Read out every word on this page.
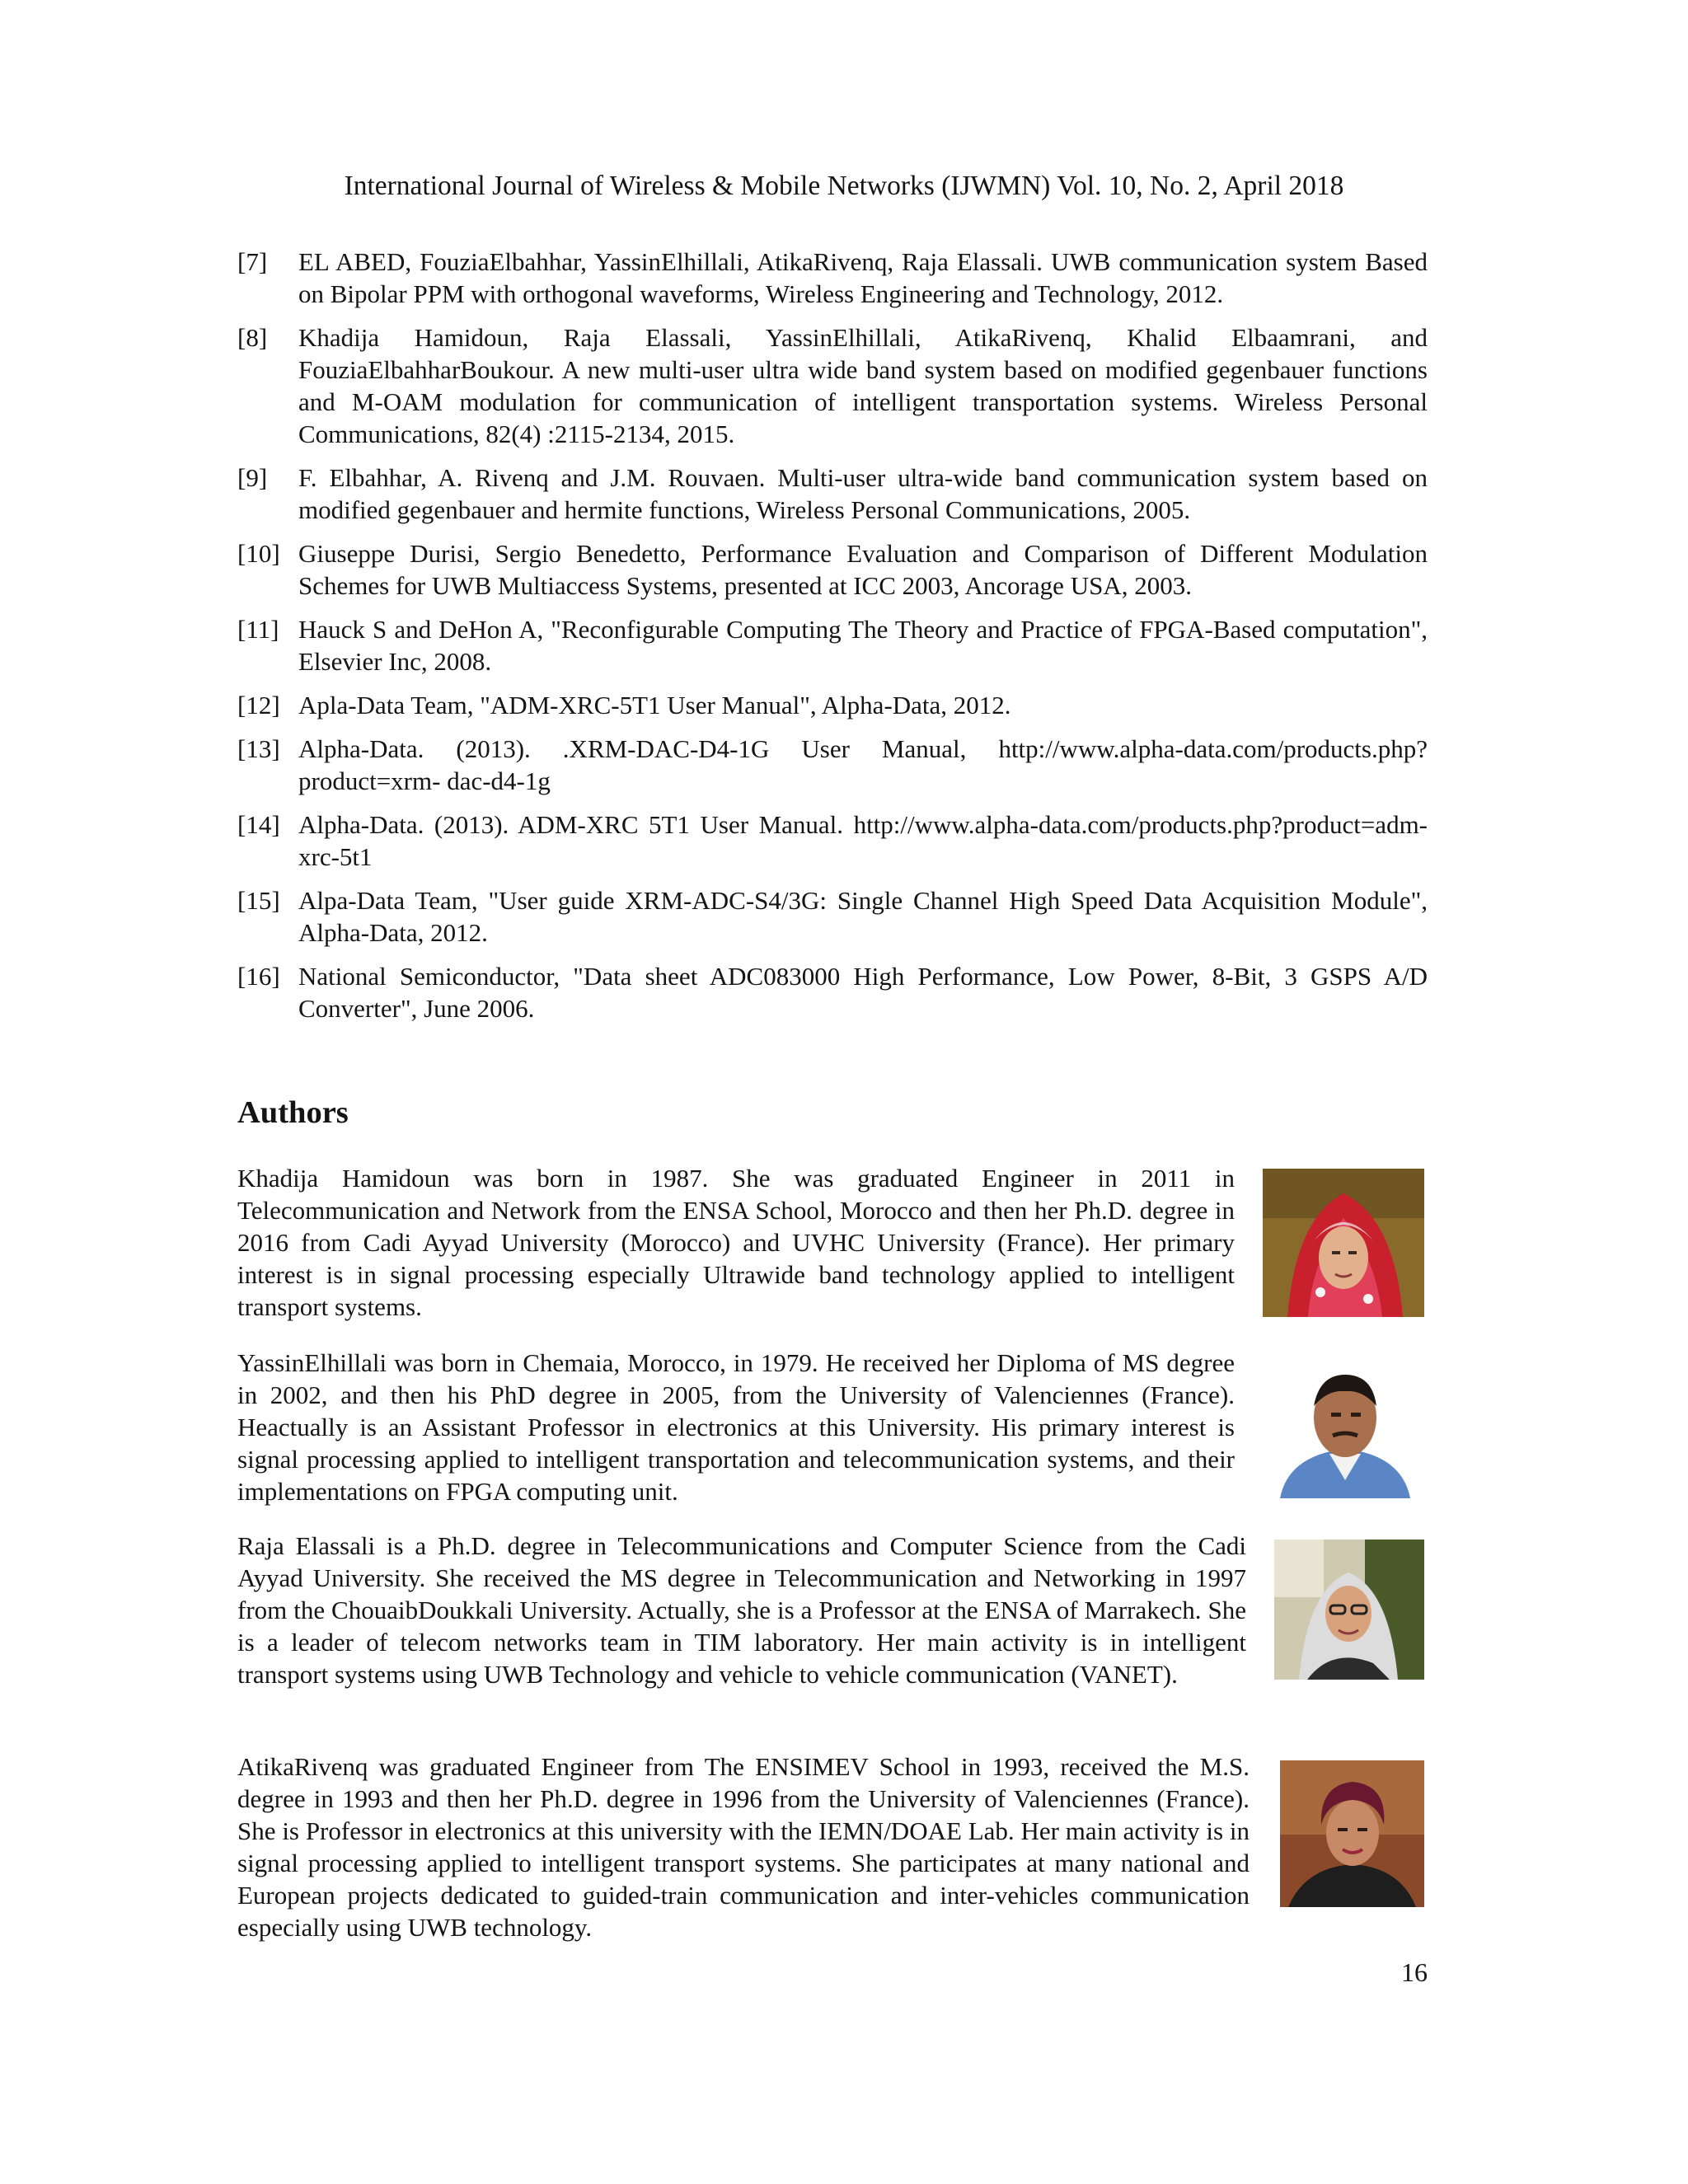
International Journal of Wireless & Mobile Networks (IJWMN) Vol. 10, No. 2, April 2018
[7] EL ABED, FouziaElbahhar, YassinElhillali, AtikaRivenq, Raja Elassali. UWB communication system Based on Bipolar PPM with orthogonal waveforms, Wireless Engineering and Technology, 2012.
[8] Khadija Hamidoun, Raja Elassali, YassinElhillali, AtikaRivenq, Khalid Elbaamrani, and FouziaElbahharBoukour. A new multi-user ultra wide band system based on modified gegenbauer functions and M-OAM modulation for communication of intelligent transportation systems. Wireless Personal Communications, 82(4) :2115-2134, 2015.
[9] F. Elbahhar, A. Rivenq and J.M. Rouvaen. Multi-user ultra-wide band communication system based on modified gegenbauer and hermite functions, Wireless Personal Communications, 2005.
[10] Giuseppe Durisi, Sergio Benedetto, Performance Evaluation and Comparison of Different Modulation Schemes for UWB Multiaccess Systems, presented at ICC 2003, Ancorage USA, 2003.
[11] Hauck S and DeHon A, "Reconfigurable Computing The Theory and Practice of FPGA-Based computation", Elsevier Inc, 2008.
[12] Apla-Data Team, "ADM-XRC-5T1 User Manual", Alpha-Data, 2012.
[13] Alpha-Data. (2013). .XRM-DAC-D4-1G User Manual, http://www.alpha-data.com/products.php?product=xrm- dac-d4-1g
[14] Alpha-Data. (2013). ADM-XRC 5T1 User Manual. http://www.alpha-data.com/products.php?product=adm-xrc-5t1
[15] Alpa-Data Team, "User guide XRM-ADC-S4/3G: Single Channel High Speed Data Acquisition Module", Alpha-Data, 2012.
[16] National Semiconductor, "Data sheet ADC083000 High Performance, Low Power, 8-Bit, 3 GSPS A/D Converter", June 2006.
Authors

Khadija Hamidoun was born in 1987. She was graduated Engineer in 2011 in Telecommunication and Network from the ENSA School, Morocco and then her Ph.D. degree in 2016 from Cadi Ayyad University (Morocco) and UVHC University (France). Her primary interest is in signal processing especially Ultrawide band technology applied to intelligent transport systems.

YassinElhillali was born in Chemaia, Morocco, in 1979. He received her Diploma of MS degree in 2002, and then his PhD degree in 2005, from the University of Valenciennes (France). Heactually is an Assistant Professor in electronics at this University. His primary interest is signal processing applied to intelligent transportation and telecommunication systems, and their implementations on FPGA computing unit.

Raja Elassali is a Ph.D. degree in Telecommunications and Computer Science from the Cadi Ayyad University. She received the MS degree in Telecommunication and Networking in 1997 from the ChouaibDoukkali University. Actually, she is a Professor at the ENSA of Marrakech. She is a leader of telecom networks team in TIM laboratory. Her main activity is in intelligent transport systems using UWB Technology and vehicle to vehicle communication (VANET).

AtikaRivenq was graduated Engineer from The ENSIMEV School in 1993, received the M.S. degree in 1993 and then her Ph.D. degree in 1996 from the University of Valenciennes (France). She is Professor in electronics at this university with the IEMN/DOAE Lab. Her main activity is in signal processing applied to intelligent transport systems. She participates at many national and European projects dedicated to guided-train communication and inter-vehicles communication especially using UWB technology.

16
